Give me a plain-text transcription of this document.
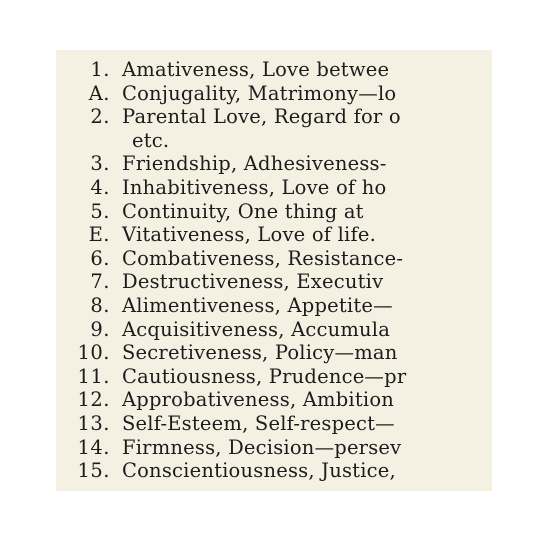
1. Amativeness, Love betwee
A. Conjugality, Matrimony—lo
2. Parental Love, Regard for o
etc.
3. Friendship, Adhesiveness-
4. Inhabitiveness, Love of ho
5. Continuity, One thing at
E. Vitativeness, Love of life.
6. Combativeness, Resistance-
7. Destructiveness, Executiv
8. Alimentiveness, Appetite—
9. Acquisitiveness, Accumula
10. Secretiveness, Policy—man
11. Cautiousness, Prudence—pr
12. Approbativeness, Ambition
13. Self-Esteem, Self-respect—
14. Firmness, Decision—persev
15. Conscientiousness, Justice,
